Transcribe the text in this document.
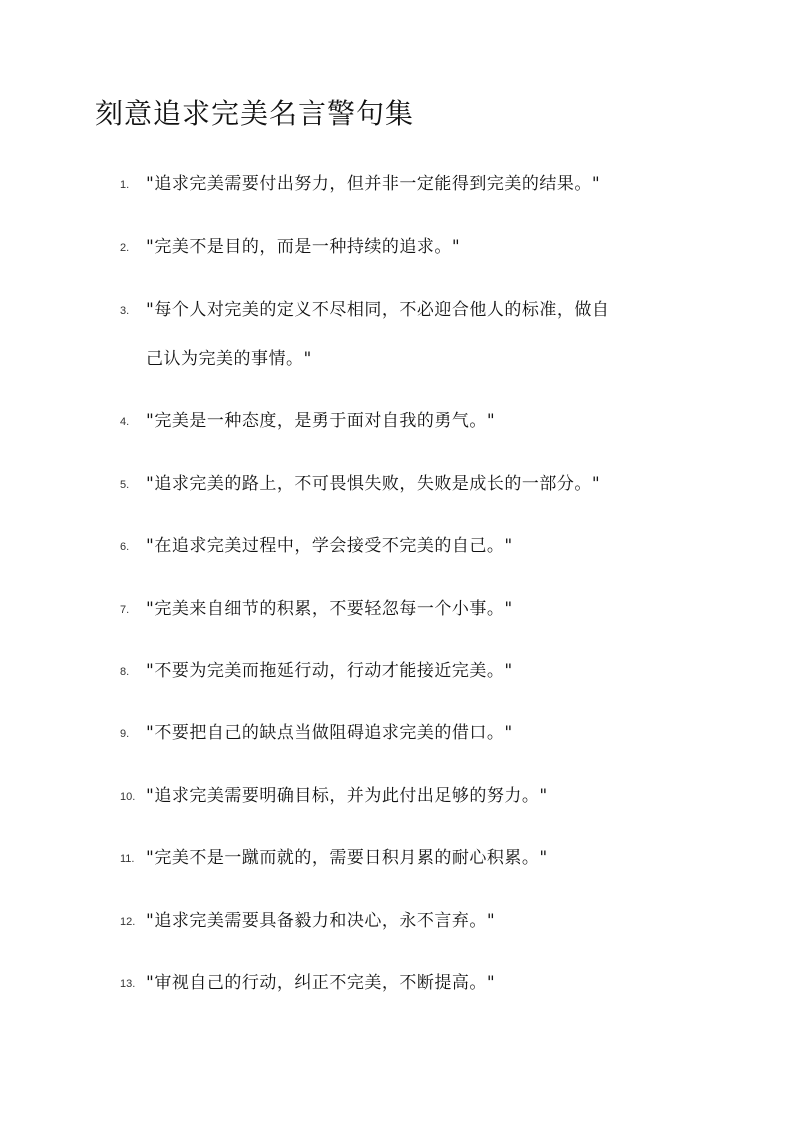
刻意追求完美名言警句集
1. "追求完美需要付出努力，但并非一定能得到完美的结果。"
2. "完美不是目的，而是一种持续的追求。"
3. "每个人对完美的定义不尽相同，不必迎合他人的标准，做自
己认为完美的事情。"
4. "完美是一种态度，是勇于面对自我的勇气。"
5. "追求完美的路上，不可畏惧失败，失败是成长的一部分。"
6. "在追求完美过程中，学会接受不完美的自己。"
7. "完美来自细节的积累，不要轻忽每一个小事。"
8. "不要为完美而拖延行动，行动才能接近完美。"
9. "不要把自己的缺点当做阻碍追求完美的借口。"
10. "追求完美需要明确目标，并为此付出足够的努力。"
11. "完美不是一蹴而就的，需要日积月累的耐心积累。"
12. "追求完美需要具备毅力和决心，永不言弃。"
13. "审视自己的行动，纠正不完美，不断提高。"
